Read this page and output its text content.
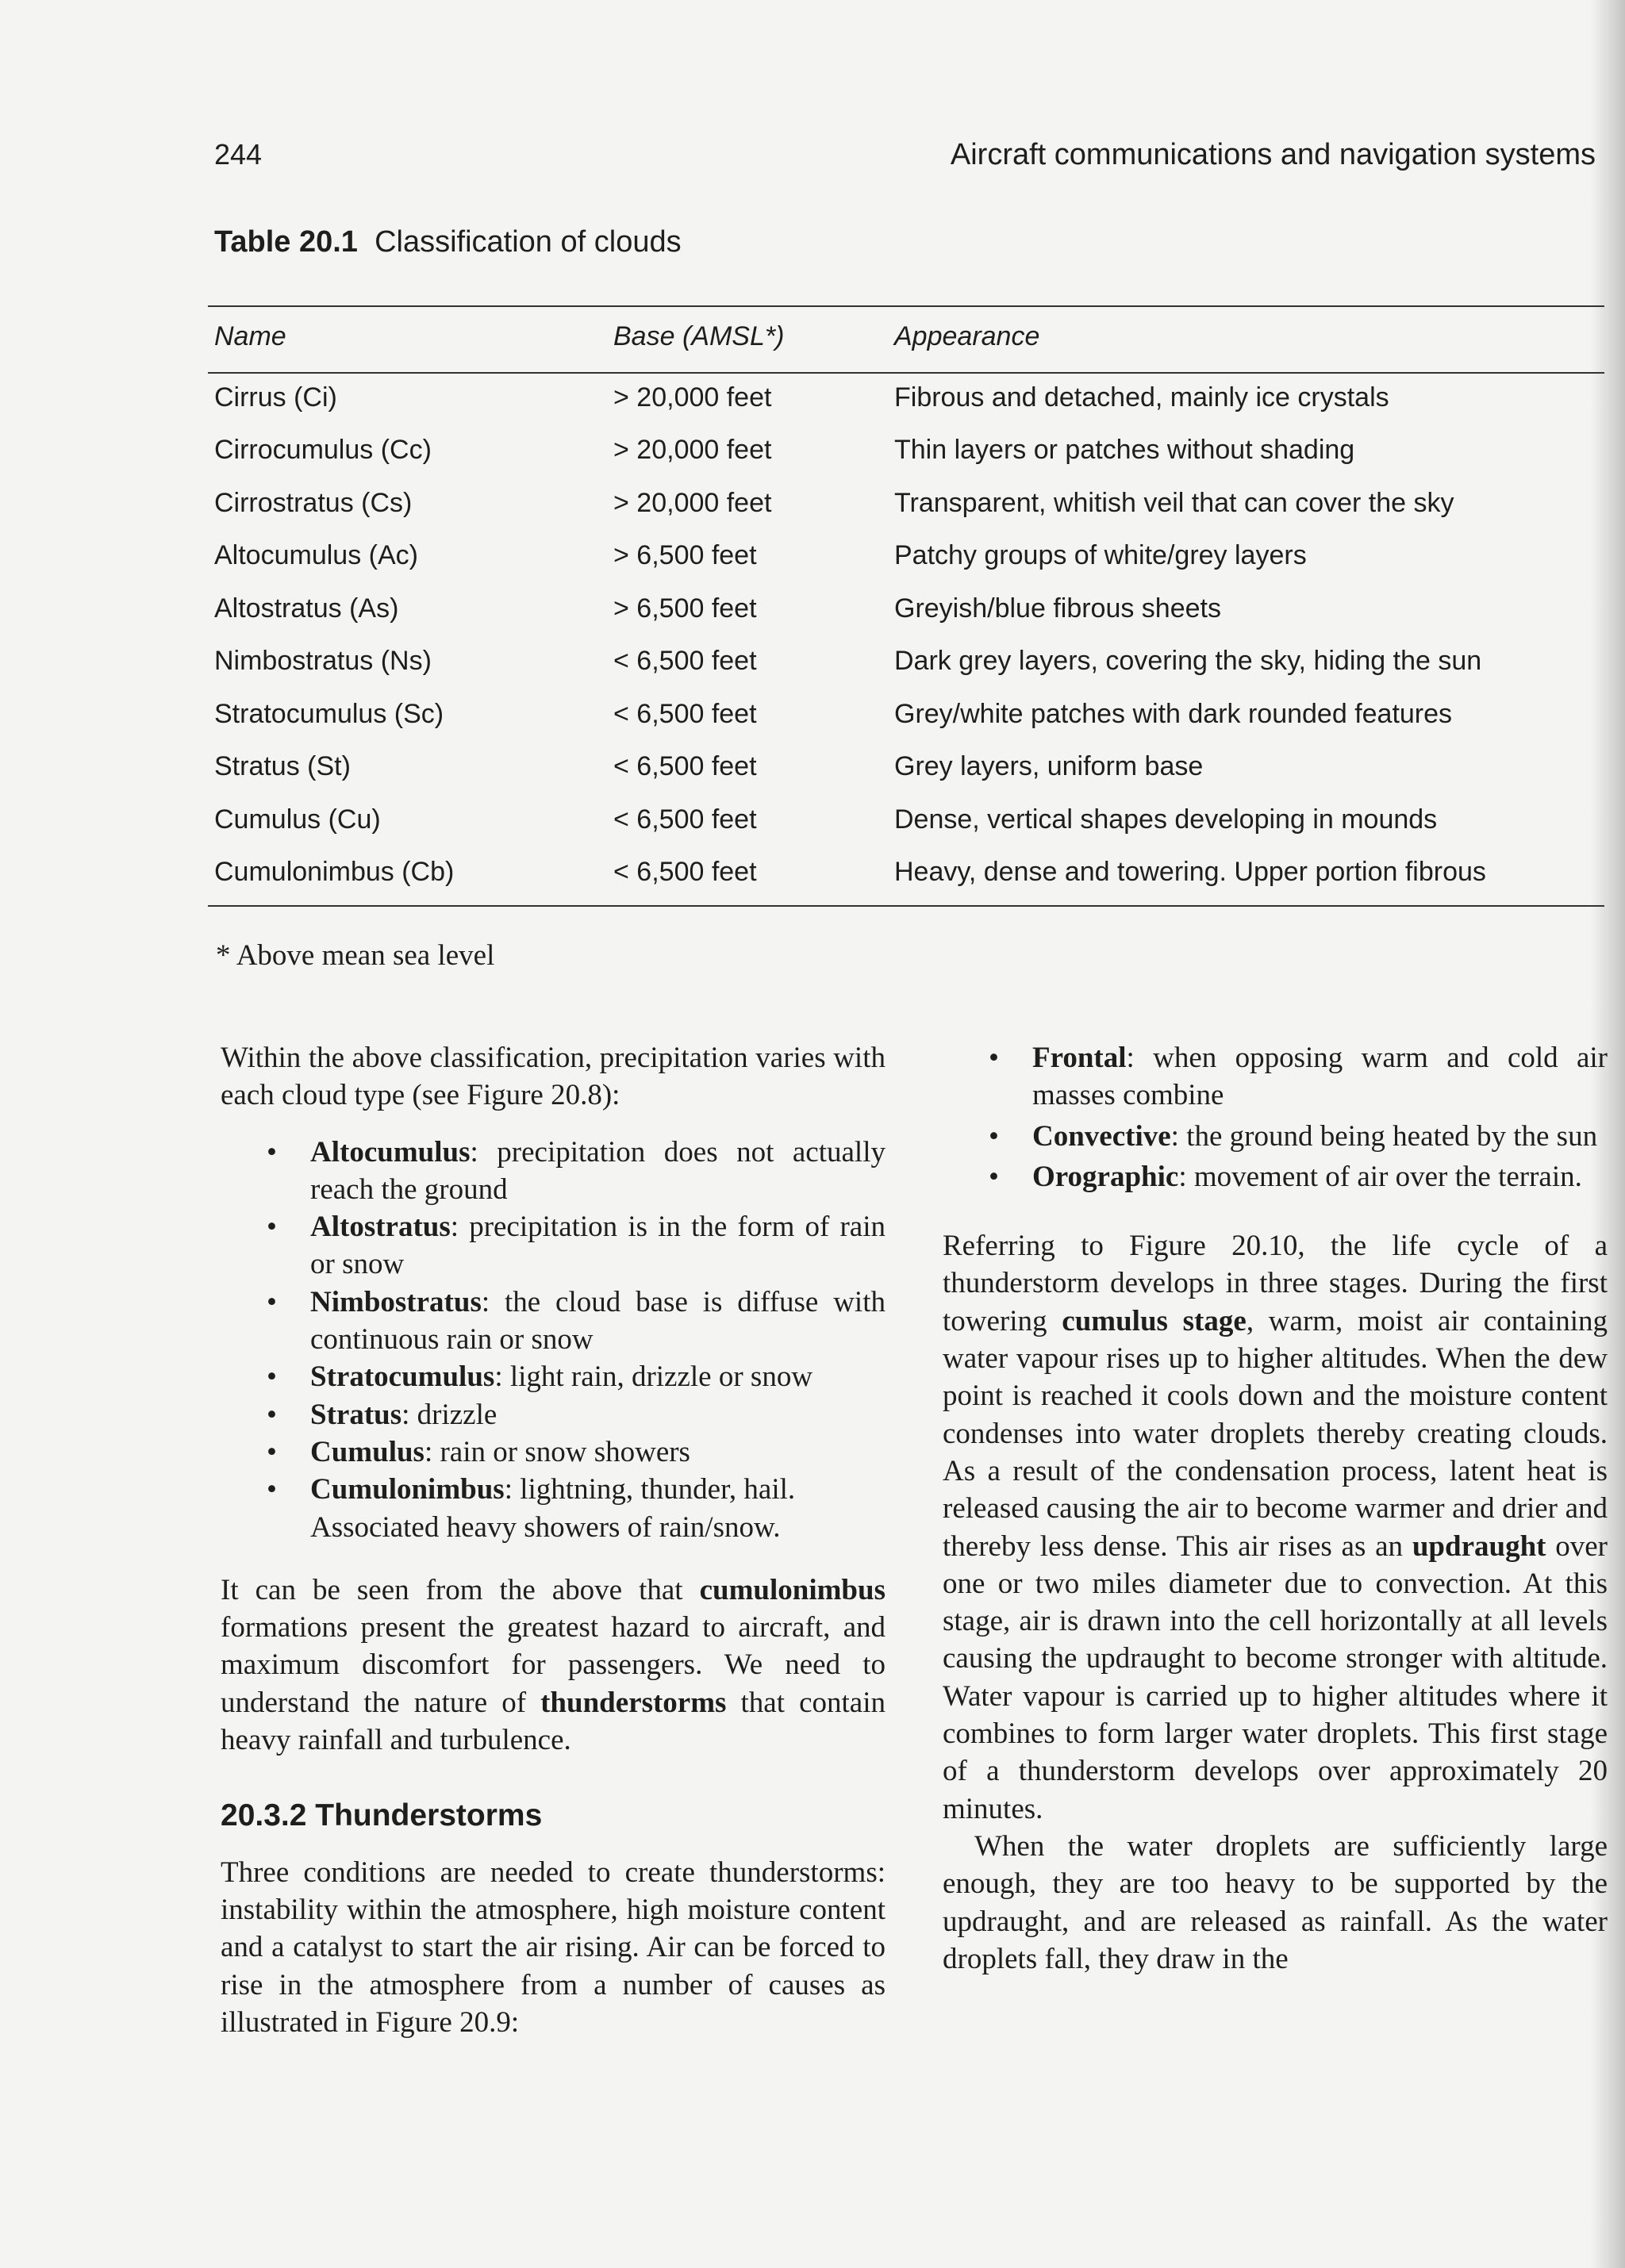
244	Aircraft communications and navigation systems
Table 20.1 Classification of clouds
Name	Base (AMSL*)	Appearance
Cirrus (Ci)	> 20,000 feet	Fibrous and detached, mainly ice crystals
Cirrocumulus (Cc)	> 20,000 feet	Thin layers or patches without shading
Cirrostratus (Cs)	> 20,000 feet	Transparent, whitish veil that can cover the sky
Altocumulus (Ac)	> 6,500 feet	Patchy groups of white/grey layers
Altostratus (As)	> 6,500 feet	Greyish/blue fibrous sheets
Nimbostratus (Ns)	< 6,500 feet	Dark grey layers, covering the sky, hiding the sun
Stratocumulus (Sc)	< 6,500 feet	Grey/white patches with dark rounded features
Stratus (St)	< 6,500 feet	Grey layers, uniform base
Cumulus (Cu)	< 6,500 feet	Dense, vertical shapes developing in mounds
Cumulonimbus (Cb)	< 6,500 feet	Heavy, dense and towering. Upper portion fibrous
* Above mean sea level

Within the above classification, precipitation varies with each cloud type (see Figure 20.8):

• Altocumulus: precipitation does not actually reach the ground
• Altostratus: precipitation is in the form of rain or snow
• Nimbostratus: the cloud base is diffuse with continuous rain or snow
• Stratocumulus: light rain, drizzle or snow
• Stratus: drizzle
• Cumulus: rain or snow showers
• Cumulonimbus: lightning, thunder, hail. Associated heavy showers of rain/snow.

It can be seen from the above that cumulonimbus formations present the greatest hazard to aircraft, and maximum discomfort for passengers. We need to understand the nature of thunderstorms that contain heavy rainfall and turbulence.

20.3.2 Thunderstorms

Three conditions are needed to create thunderstorms: instability within the atmosphere, high moisture content and a catalyst to start the air rising. Air can be forced to rise in the atmosphere from a number of causes as illustrated in Figure 20.9:

• Frontal: when opposing warm and cold air masses combine
• Convective: the ground being heated by the sun
• Orographic: movement of air over the terrain.

Referring to Figure 20.10, the life cycle of a thunderstorm develops in three stages. During the first towering cumulus stage, warm, moist air containing water vapour rises up to higher altitudes. When the dew point is reached it cools down and the moisture content condenses into water droplets thereby creating clouds. As a result of the condensation process, latent heat is released causing the air to become warmer and drier and thereby less dense. This air rises as an updraught over one or two miles diameter due to convection. At this stage, air is drawn into the cell horizontally at all levels causing the updraught to become stronger with altitude. Water vapour is carried up to higher altitudes where it combines to form larger water droplets. This first stage of a thunderstorm develops over approximately 20 minutes.

When the water droplets are sufficiently large enough, they are too heavy to be supported by the updraught, and are released as rainfall. As the water droplets fall, they draw in the
